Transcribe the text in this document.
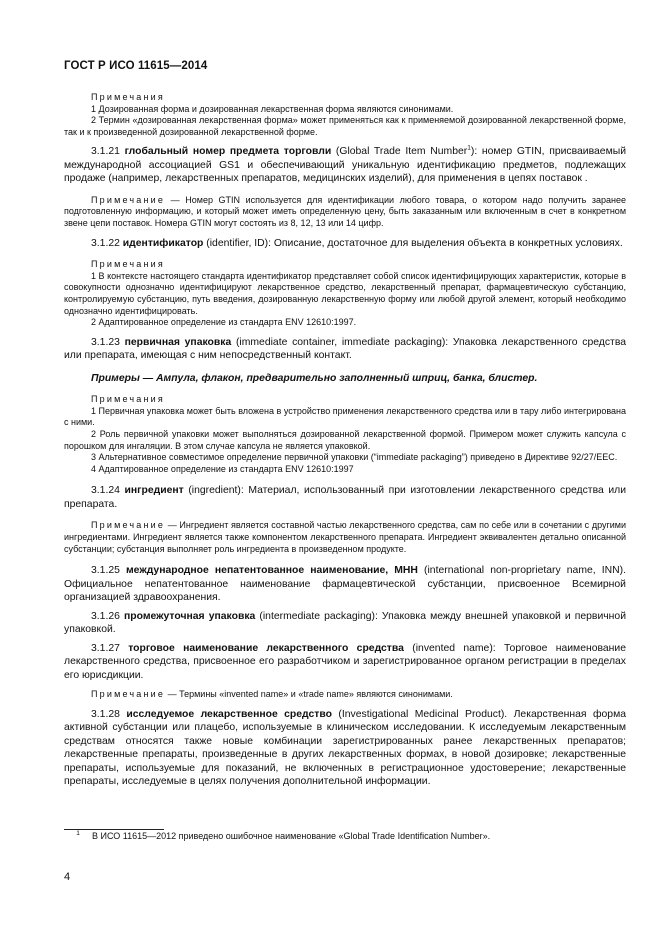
ГОСТ Р ИСО 11615—2014
Примечания
1 Дозированная форма и дозированная лекарственная форма являются синонимами.
2 Термин «дозированная лекарственная форма» может применяться как к применяемой дозированной лекарственной форме, так и к произведенной дозированной лекарственной форме.
3.1.21 глобальный номер предмета торговли (Global Trade Item Number$^1$): номер GTIN, присваиваемый международной ассоциацией GS1 и обеспечивающий уникальную идентификацию предметов, подлежащих продаже (например, лекарственных препаратов, медицинских изделий), для применения в цепях поставок .
Примечание — Номер GTIN используется для идентификации любого товара, о котором надо получить заранее подготовленную информацию, и который может иметь определенную цену, быть заказанным или включенным в счет в конкретном звене цепи поставок. Номера GTIN могут состоять из 8, 12, 13 или 14 цифр.
3.1.22 идентификатор (identifier, ID): Описание, достаточное для выделения объекта в конкретных условиях.
Примечания
1 В контексте настоящего стандарта идентификатор представляет собой список идентифицирующих характеристик, которые в совокупности однозначно идентифицируют лекарственное средство, лекарственный препарат, фармацевтическую субстанцию, контролируемую субстанцию, путь введения, дозированную лекарственную форму или любой другой элемент, который необходимо однозначно идентифицировать.
2 Адаптированное определение из стандарта ENV 12610:1997.
3.1.23 первичная упаковка (immediate container, immediate packaging): Упаковка лекарственного средства или препарата, имеющая с ним непосредственный контакт.
Примеры — Ампула, флакон, предварительно заполненный шприц, банка, блистер.
Примечания
1 Первичная упаковка может быть вложена в устройство применения лекарственного средства или в тару либо интегрирована с ними.
2 Роль первичной упаковки может выполняться дозированной лекарственной формой. Примером может служить капсула с порошком для ингаляции. В этом случае капсула не является упаковкой.
3 Альтернативное совместимое определение первичной упаковки (“immediate packaging”) приведено в Директиве 92/27/EEC.
4 Адаптированное определение из стандарта ENV 12610:1997
3.1.24 ингредиент (ingredient): Материал, использованный при изготовлении лекарственного средства или препарата.
Примечание — Ингредиент является составной частью лекарственного средства, сам по себе или в сочетании с другими ингредиентами. Ингредиент является также компонентом лекарственного препарата. Ингредиент эквивалентен детально описанной субстанции; субстанция выполняет роль ингредиента в произведенном продукте.
3.1.25 международное непатентованное наименование, МНН (international non-proprietary name, INN). Официальное непатентованное наименование фармацевтической субстанции, присвоенное Всемирной организацией здравоохранения.
3.1.26 промежуточная упаковка (intermediate packaging): Упаковка между внешней упаковкой и первичной упаковкой.
3.1.27 торговое наименование лекарственного средства (invented name): Торговое наименование лекарственного средства, присвоенное его разработчиком и зарегистрированное органом регистрации в пределах его юрисдикции.
Примечание — Термины «invented name» и «trade name» являются синонимами.
3.1.28 исследуемое лекарственное средство (Investigational Medicinal Product). Лекарственная форма активной субстанции или плацебо, используемые в клиническом исследовании. К исследуемым лекарственным средствам относятся также новые комбинации зарегистрированных ранее лекарственных препаратов; лекарственные препараты, произведенные в других лекарственных формах, в новой дозировке; лекарственные препараты, используемые для показаний, не включенных в регистрационное удостоверение; лекарственные препараты, исследуемые в целях получения дополнительной информации.
$^1$ В ИСО 11615—2012 приведено ошибочное наименование «Global Trade Identification Number».
4
